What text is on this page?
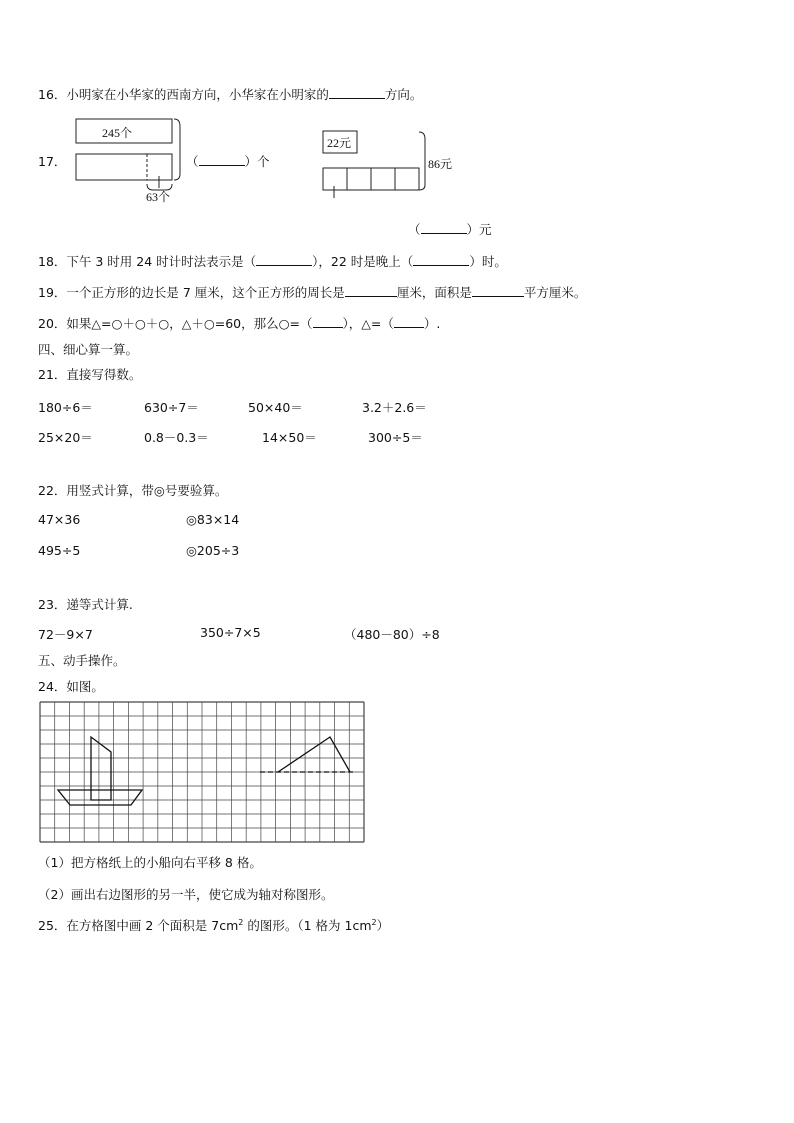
16．小明家在小华家的西南方向，小华家在小明家的	方向。
17．
245个
63个
（	）个
22元
86元
（	）元
18．下午 3 时用 24 时计时法表示是（	），22 时是晚上（	）时。
19．一个正方形的边长是 7 厘米，这个正方形的周长是	厘米，面积是	平方厘米。
20．如果△=○＋○＋○，△＋○=60，那么○=（ ），△=（ ）.
四、细心算一算。
21．直接写得数。
180÷6＝	630÷7＝	50×40＝	3.2＋2.6＝
25×20＝	0.8－0.3＝	14×50＝	300÷5＝
22．用竖式计算，带◎号要验算。
47×36	◎83×14
495÷5	◎205÷3
23．递等式计算.
72－9×7	350÷7×5	（480－80）÷8
五、动手操作。
24．如图。
（1）把方格纸上的小船向右平移 8 格。
（2）画出右边图形的另一半，使它成为轴对称图形。
25．在方格图中画 2 个面积是 $7cm^2$ 的图形。（1 格为 $1cm^2$）
